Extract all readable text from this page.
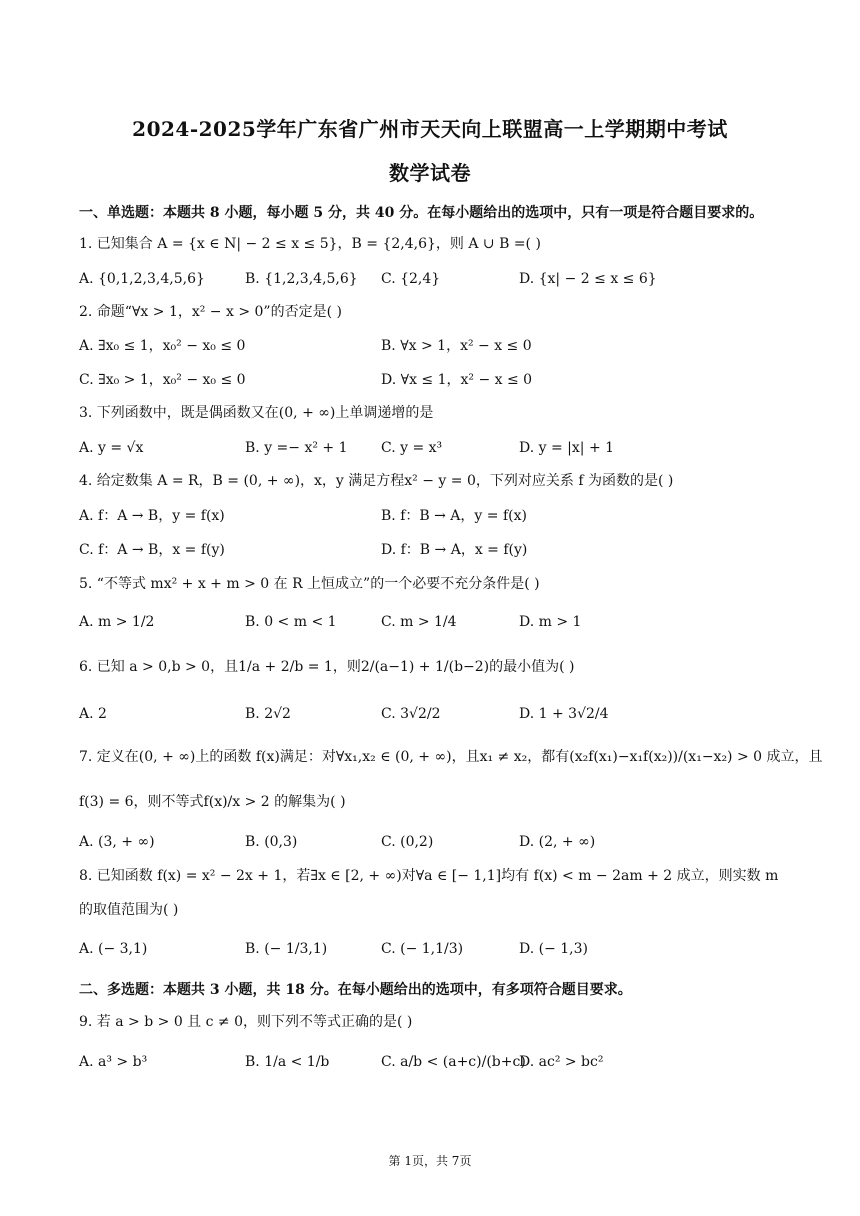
2024-2025学年广东省广州市天天向上联盟高一上学期期中考试
数学试卷
一、单选题：本题共 8 小题，每小题 5 分，共 40 分。在每小题给出的选项中，只有一项是符合题目要求的。
1. 已知集合 A = {x ∈ N| − 2 ≤ x ≤ 5}，B = {2,4,6}，则 A ∪ B =( )
A. {0,1,2,3,4,5,6}	B. {1,2,3,4,5,6} C. {2,4}	D. {x| − 2 ≤ x ≤ 6}
2. 命题“∀x > 1，x² − x > 0”的否定是( )
A. ∃x₀ ≤ 1，x₀² − x₀ ≤ 0	B. ∀x > 1，x² − x ≤ 0
C. ∃x₀ > 1，x₀² − x₀ ≤ 0	D. ∀x ≤ 1，x² − x ≤ 0
3. 下列函数中，既是偶函数又在(0, + ∞)上单调递增的是
A. y = √x	B. y =− x² + 1 C. y = x³	D. y = |x| + 1
4. 给定数集 A = R，B = (0, + ∞)，x，y 满足方程x² − y = 0，下列对应关系 f 为函数的是( )
A. f：A → B，y = f(x)	B. f：B → A，y = f(x)
C. f：A → B，x = f(y)	D. f：B → A，x = f(y)
5. “不等式 mx² + x + m > 0 在 R 上恒成立”的一个必要不充分条件是( )
A. m > 1/2	B. 0 < m < 1	C. m > 1/4	D. m > 1
6. 已知 a > 0,b > 0，且1/a + 2/b = 1，则2/(a−1) + 1/(b−2)的最小值为( )
A. 2	B. 2√2	C. 3√2/2	D. 1 + 3√2/4
7. 定义在(0, + ∞)上的函数 f(x)满足：对∀x₁,x₂ ∈ (0, + ∞)，且x₁ ≠ x₂，都有(x₂f(x₁)−x₁f(x₂))/(x₁−x₂) > 0 成立，且
f(3) = 6，则不等式f(x)/x > 2 的解集为( )
A. (3, + ∞)	B. (0,3)	C. (0,2)	D. (2, + ∞)
8. 已知函数 f(x) = x² − 2x + 1，若∃x ∈ [2, + ∞)对∀a ∈ [− 1,1]均有 f(x) < m − 2am + 2 成立，则实数 m
的取值范围为( )
A. (− 3,1)	B. (− 1/3,1)	C. (− 1,1/3)	D. (− 1,3)
二、多选题：本题共 3 小题，共 18 分。在每小题给出的选项中，有多项符合题目要求。
9. 若 a > b > 0 且 c ≠ 0，则下列不等式正确的是( )
A. a³ > b³	B. 1/a < 1/b	C. a/b < (a+c)/(b+c)
D. ac² > bc²
第 1页，共 7页
